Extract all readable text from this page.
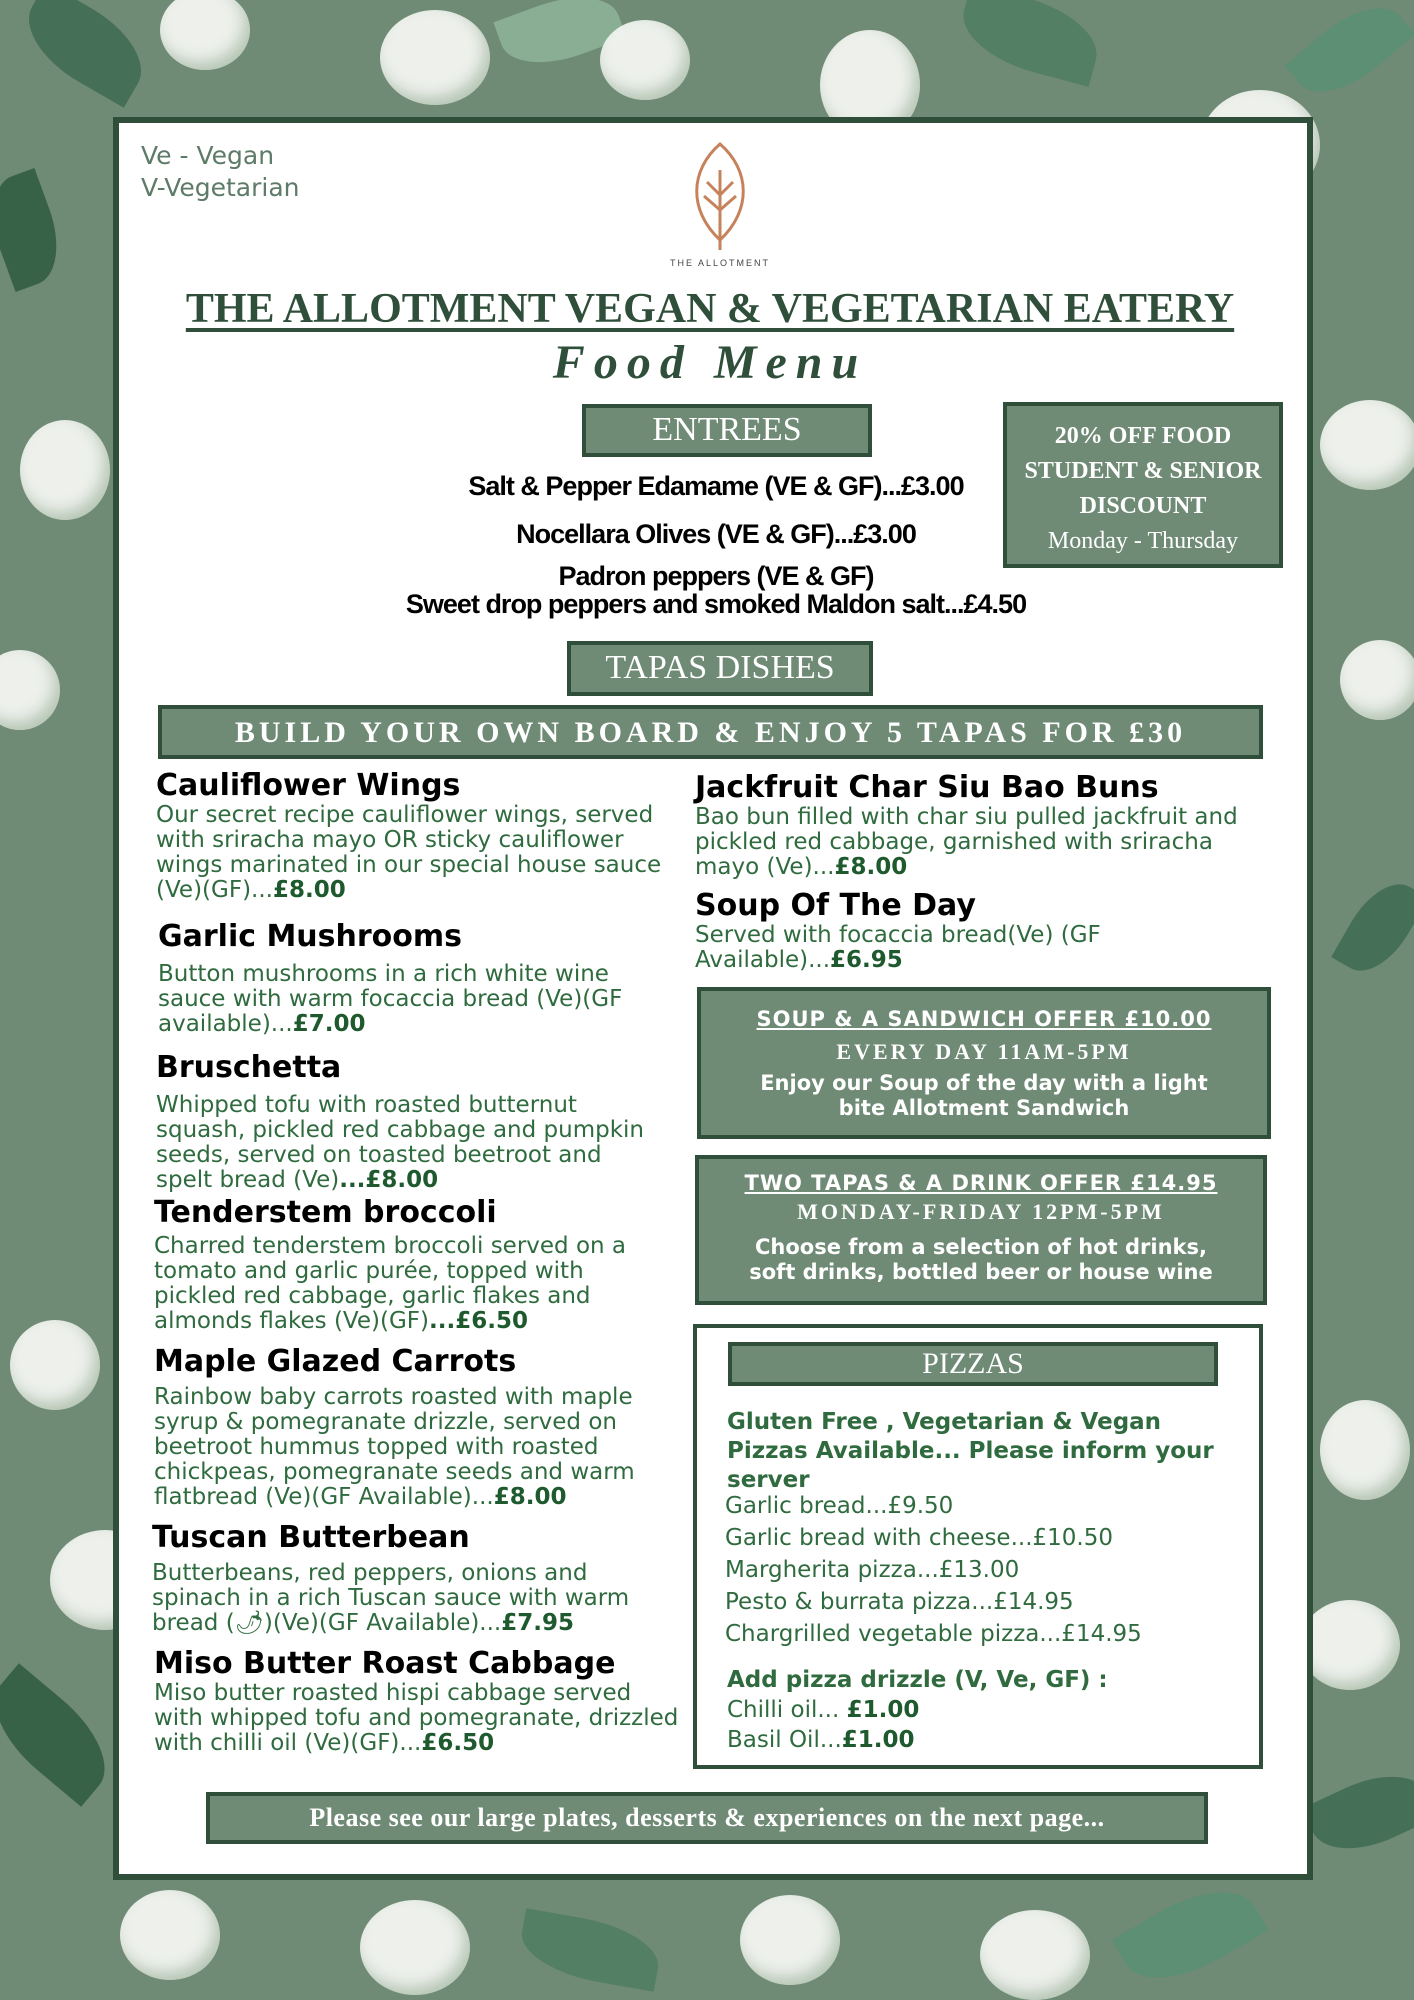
Ve - Vegan
V-Vegetarian
THE ALLOTMENT
THE ALLOTMENT VEGAN & VEGETARIAN EATERY
Food Menu
20% OFF FOOD
STUDENT & SENIOR
DISCOUNT
Monday - Thursday
ENTREES
Salt & Pepper Edamame (VE & GF)...£3.00
Nocellara Olives (VE & GF)...£3.00
Padron peppers (VE & GF)
Sweet drop peppers and smoked Maldon salt...£4.50
TAPAS DISHES
BUILD YOUR OWN BOARD & ENJOY 5 TAPAS FOR £30
Cauliflower Wings
Our secret recipe cauliflower wings, served with sriracha mayo OR sticky cauliflower wings marinated in our special house sauce (Ve)(GF)...£8.00
Garlic Mushrooms
Button mushrooms in a rich white wine sauce with warm focaccia bread (Ve)(GF available)...£7.00
Bruschetta
Whipped tofu with roasted butternut squash, pickled red cabbage and pumpkin seeds, served on toasted beetroot and spelt bread (Ve)...£8.00
Tenderstem broccoli
Charred tenderstem broccoli served on a tomato and garlic purée, topped with pickled red cabbage, garlic flakes and almonds flakes (Ve)(GF)...£6.50
Maple Glazed Carrots
Rainbow baby carrots roasted with maple syrup & pomegranate drizzle, served on beetroot hummus topped with roasted chickpeas, pomegranate seeds and warm flatbread (Ve)(GF Available)...£8.00
Tuscan Butterbean
Butterbeans, red peppers, onions and spinach in a rich Tuscan sauce with warm bread (🌶)(Ve)(GF Available)...£7.95
Miso Butter Roast Cabbage
Miso butter roasted hispi cabbage served with whipped tofu and pomegranate, drizzled with chilli oil (Ve)(GF)...£6.50
Jackfruit Char Siu Bao Buns
Bao bun filled with char siu pulled jackfruit and pickled red cabbage, garnished with sriracha mayo (Ve)...£8.00
Soup Of The Day
Served with focaccia bread(Ve) (GF Available)...£6.95
SOUP & A SANDWICH OFFER £10.00
EVERY DAY 11AM-5PM
Enjoy our Soup of the day with a light bite Allotment Sandwich
TWO TAPAS & A DRINK OFFER £14.95
MONDAY-FRIDAY 12PM-5PM
Choose from a selection of hot drinks, soft drinks, bottled beer or house wine
PIZZAS
Gluten Free , Vegetarian & Vegan Pizzas Available... Please inform your server
Garlic bread...£9.50
Garlic bread with cheese...£10.50
Margherita pizza...£13.00
Pesto & burrata pizza...£14.95
Chargrilled vegetable pizza...£14.95
Add pizza drizzle (V, Ve, GF) :
Chilli oil... £1.00
Basil Oil...£1.00
Please see our large plates, desserts & experiences on the next page...
